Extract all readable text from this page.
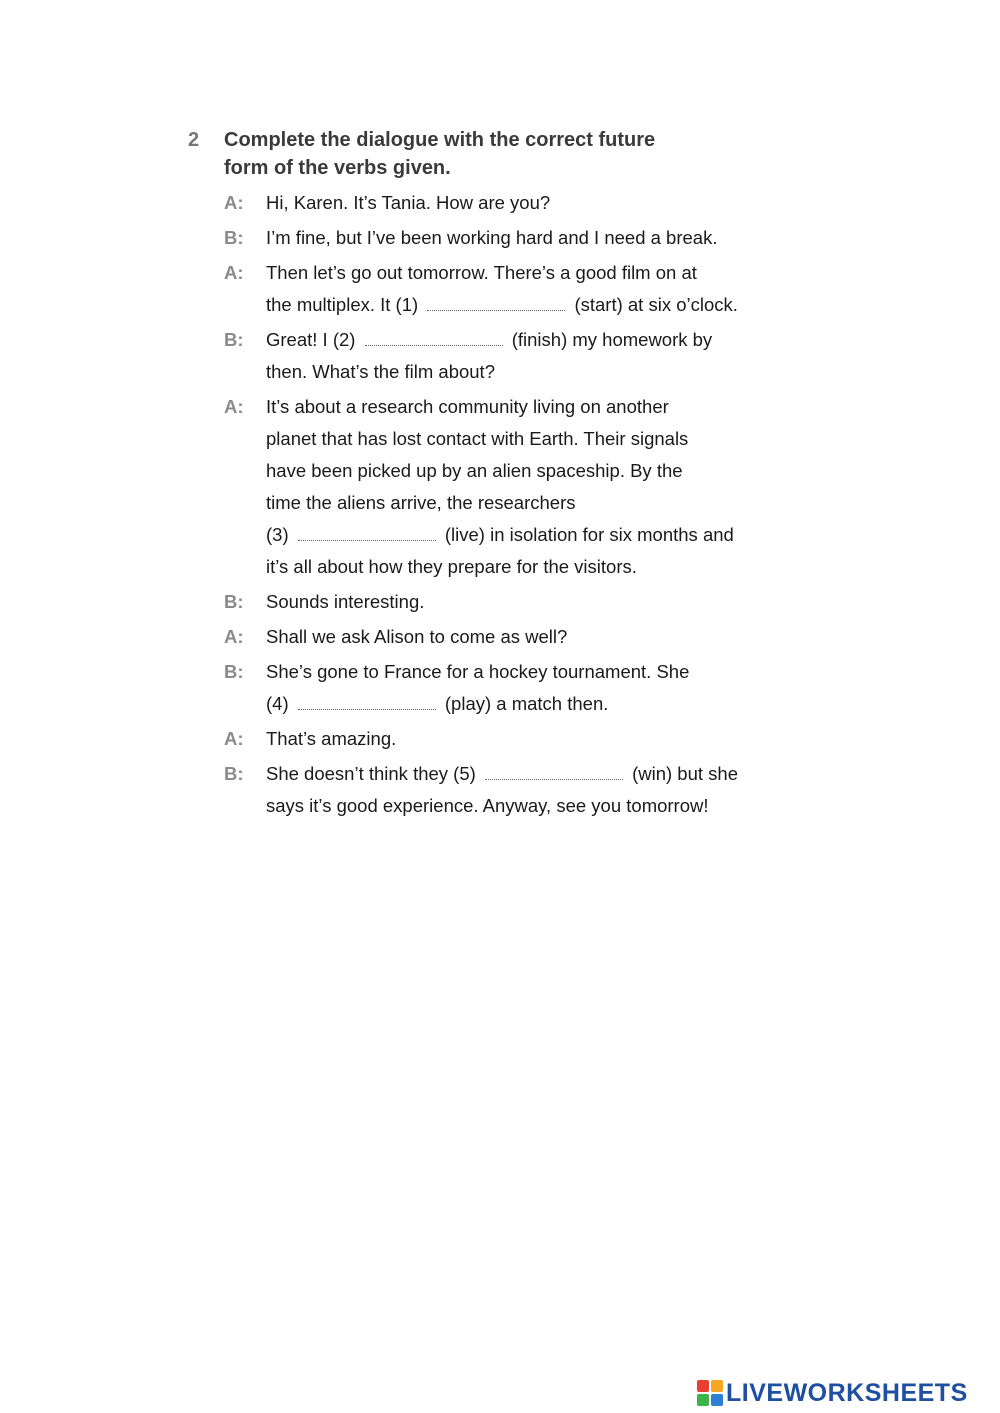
2	Complete the dialogue with the correct future
form of the verbs given.
A:	Hi, Karen. It’s Tania. How are you?
B:	I’m fine, but I’ve been working hard and I need a break.
A:	Then let’s go out tomorrow. There’s a good film on at
the multiplex. It (1)	(start) at six o’clock.
B:	Great! I (2)	(finish) my homework by
then. What’s the film about?
A:	It’s about a research community living on another
planet that has lost contact with Earth. Their signals
have been picked up by an alien spaceship. By the
time the aliens arrive, the researchers
(3)	(live) in isolation for six months and
it’s all about how they prepare for the visitors.
B:	Sounds interesting.
A:	Shall we ask Alison to come as well?
B:	She’s gone to France for a hockey tournament. She
(4)	(play) a match then.
A:	That’s amazing.
B:	She doesn’t think they (5)	(win) but she
says it’s good experience. Anyway, see you tomorrow!
LIVEWORKSHEETS
